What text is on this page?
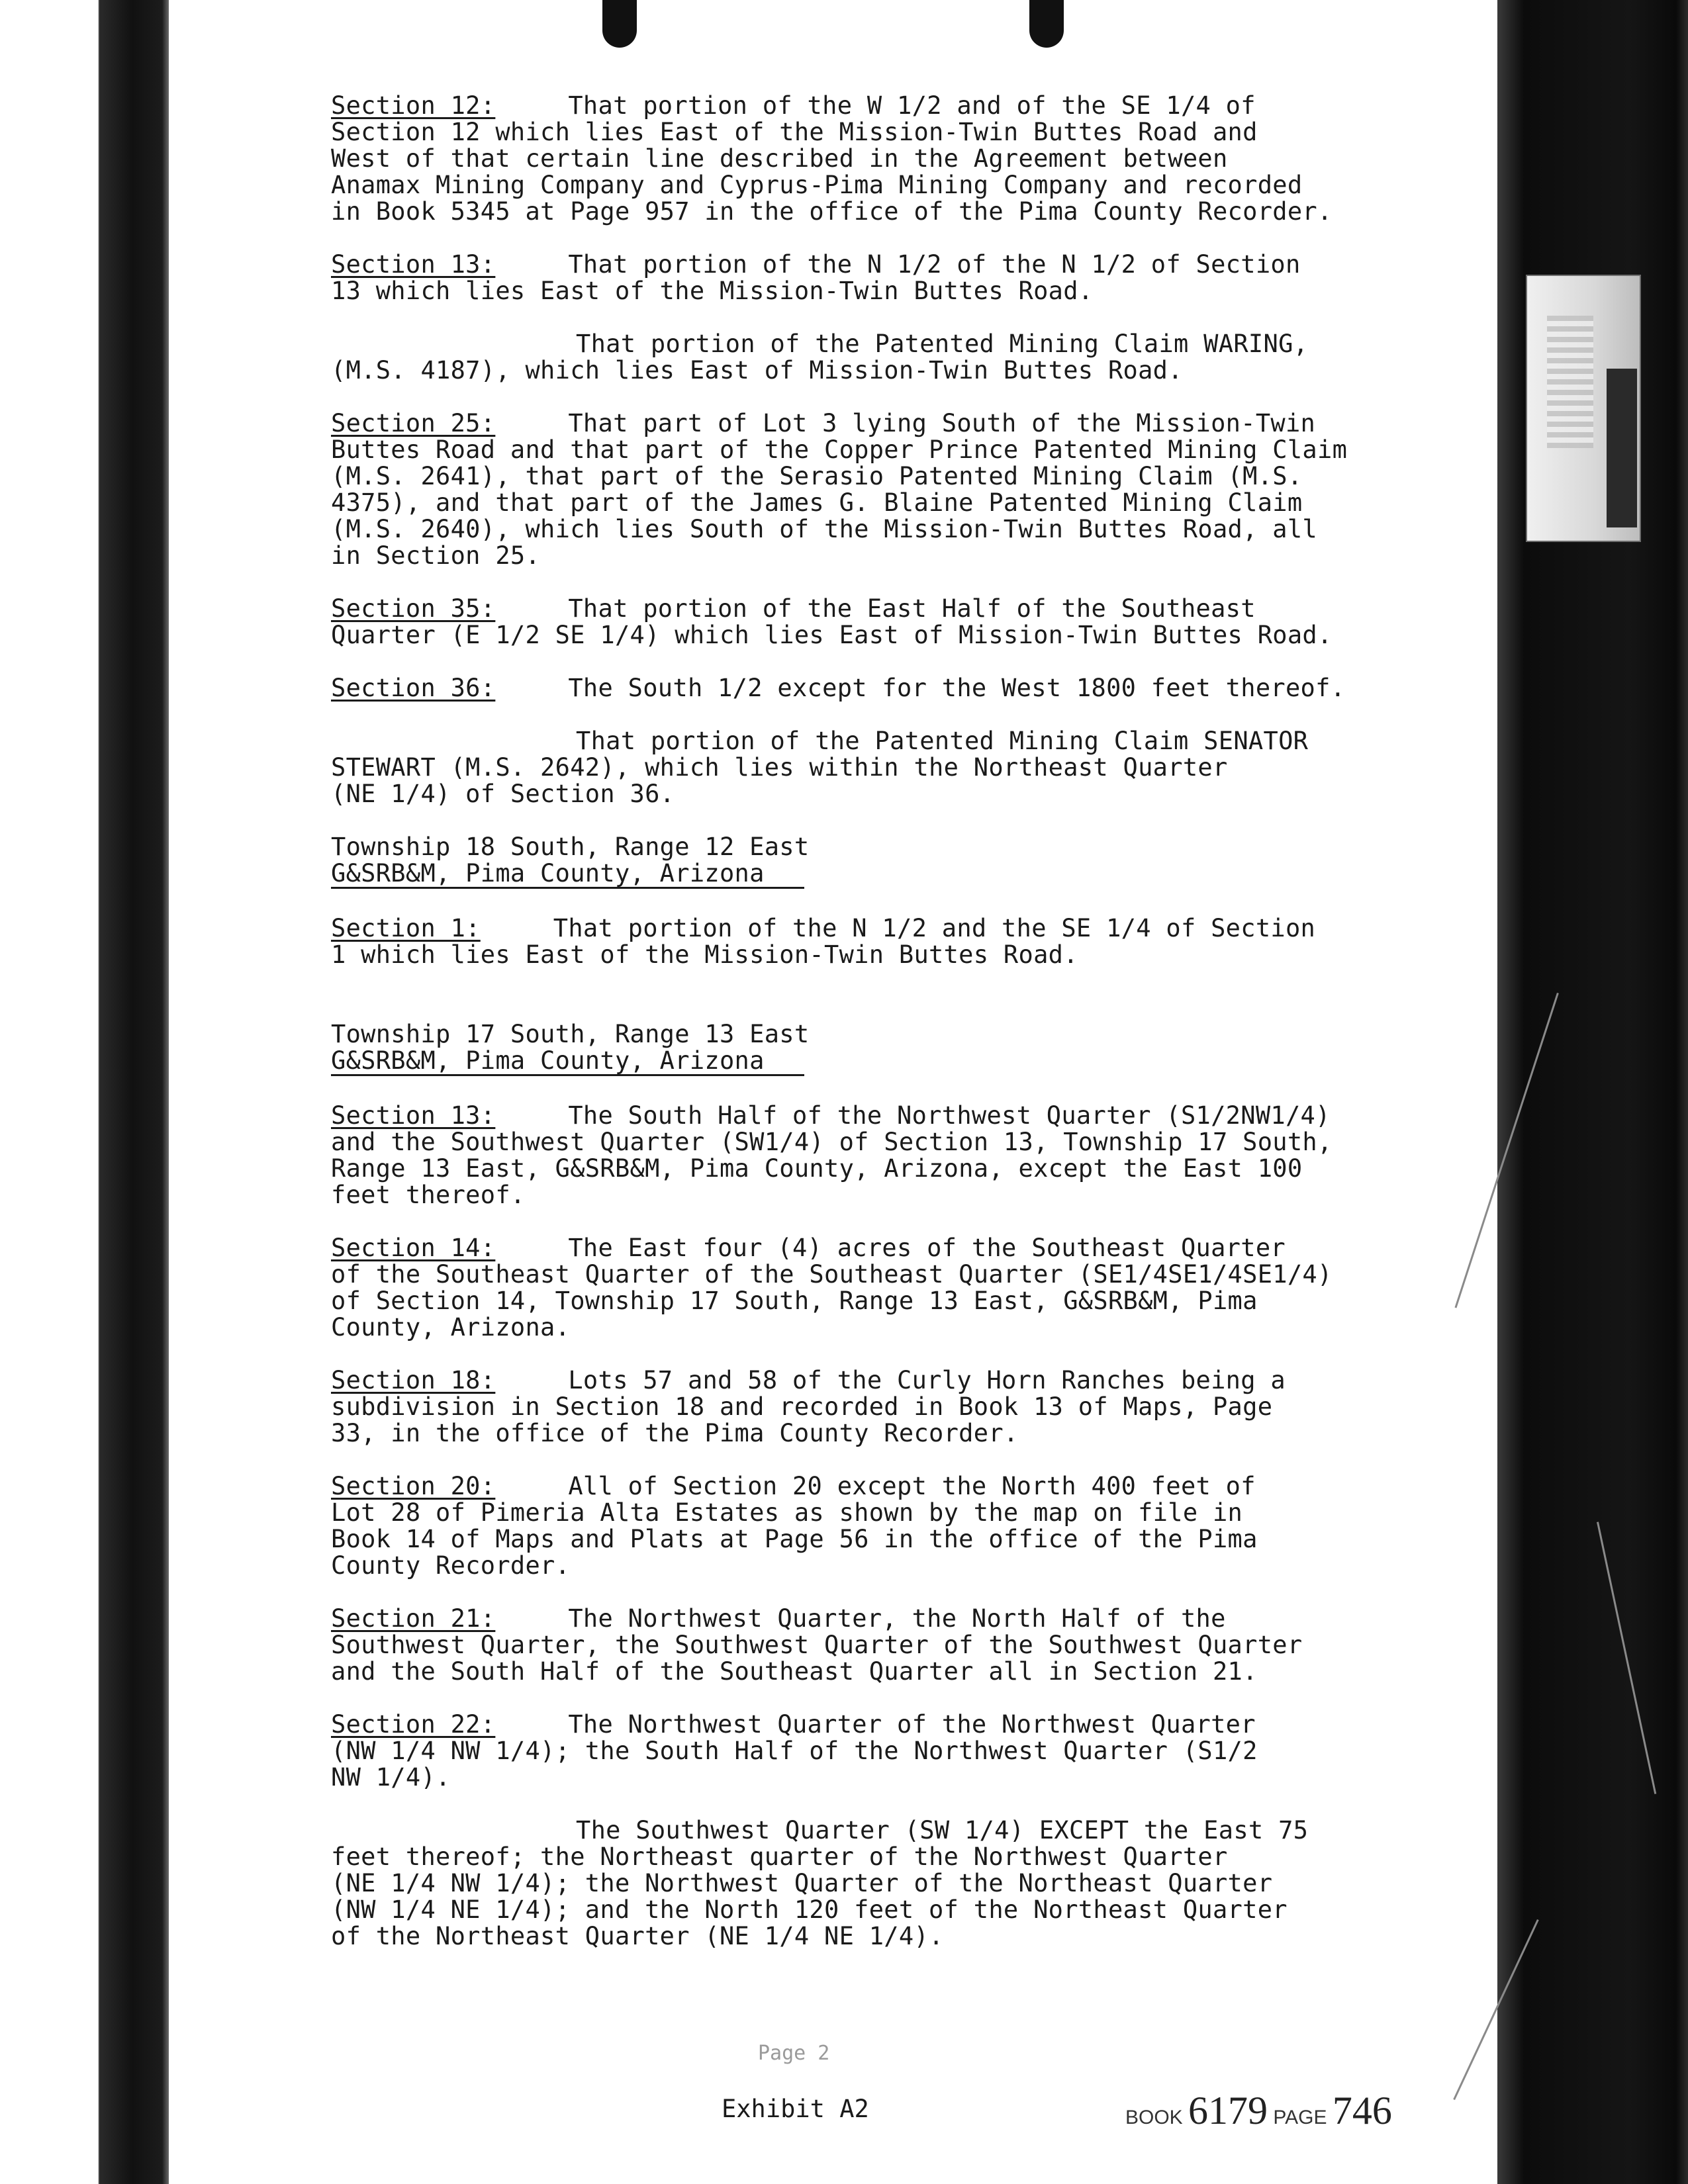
Section 12:	That portion of the W 1/2 and of the SE 1/4 of
Section 12 which lies East of the Mission-Twin Buttes Road and
West of that certain line described in the Agreement between
Anamax Mining Company and Cyprus-Pima Mining Company and recorded
in Book 5345 at Page 957 in the office of the Pima County Recorder.
Section 13:	That portion of the N 1/2 of the N 1/2 of Section
13 which lies East of the Mission-Twin Buttes Road.
That portion of the Patented Mining Claim WARING,
(M.S. 4187), which lies East of Mission-Twin Buttes Road.
Section 25:	That part of Lot 3 lying South of the Mission-Twin
Buttes Road and that part of the Copper Prince Patented Mining Claim
(M.S. 2641), that part of the Serasio Patented Mining Claim (M.S.
4375), and that part of the James G. Blaine Patented Mining Claim
(M.S. 2640), which lies South of the Mission-Twin Buttes Road, all
in Section 25.
Section 35:	That portion of the East Half of the Southeast
Quarter (E 1/2 SE 1/4) which lies East of Mission-Twin Buttes Road.
Section 36:	The South 1/2 except for the West 1800 feet thereof.
That portion of the Patented Mining Claim SENATOR
STEWART (M.S. 2642), which lies within the Northeast Quarter
(NE 1/4) of Section 36.
Township 18 South, Range 12 East
G&SRB&M, Pima County, Arizona
Section 1:	That portion of the N 1/2 and the SE 1/4 of Section
1 which lies East of the Mission-Twin Buttes Road.
Township 17 South, Range 13 East
G&SRB&M, Pima County, Arizona
Section 13:	The South Half of the Northwest Quarter (S1/2NW1/4)
and the Southwest Quarter (SW1/4) of Section 13, Township 17 South,
Range 13 East, G&SRB&M, Pima County, Arizona, except the East 100
feet thereof.
Section 14:	The East four (4) acres of the Southeast Quarter
of the Southeast Quarter of the Southeast Quarter (SE1/4SE1/4SE1/4)
of Section 14, Township 17 South, Range 13 East, G&SRB&M, Pima
County, Arizona.
Section 18:	Lots 57 and 58 of the Curly Horn Ranches being a
subdivision in Section 18 and recorded in Book 13 of Maps, Page
33, in the office of the Pima County Recorder.
Section 20:	All of Section 20 except the North 400 feet of
Lot 28 of Pimeria Alta Estates as shown by the map on file in
Book 14 of Maps and Plats at Page 56 in the office of the Pima
County Recorder.
Section 21:	The Northwest Quarter, the North Half of the
Southwest Quarter, the Southwest Quarter of the Southwest Quarter
and the South Half of the Southeast Quarter all in Section 21.
Section 22:	The Northwest Quarter of the Northwest Quarter
(NW 1/4 NW 1/4); the South Half of the Northwest Quarter (S1/2
NW 1/4).
The Southwest Quarter (SW 1/4) EXCEPT the East 75
feet thereof; the Northeast quarter of the Northwest Quarter
(NE 1/4 NW 1/4); the Northwest Quarter of the Northeast Quarter
(NW 1/4 NE 1/4); and the North 120 feet of the Northeast Quarter
of the Northeast Quarter (NE 1/4 NE 1/4).
Page 2
Exhibit A2	BOOK 6179 PAGE 746
